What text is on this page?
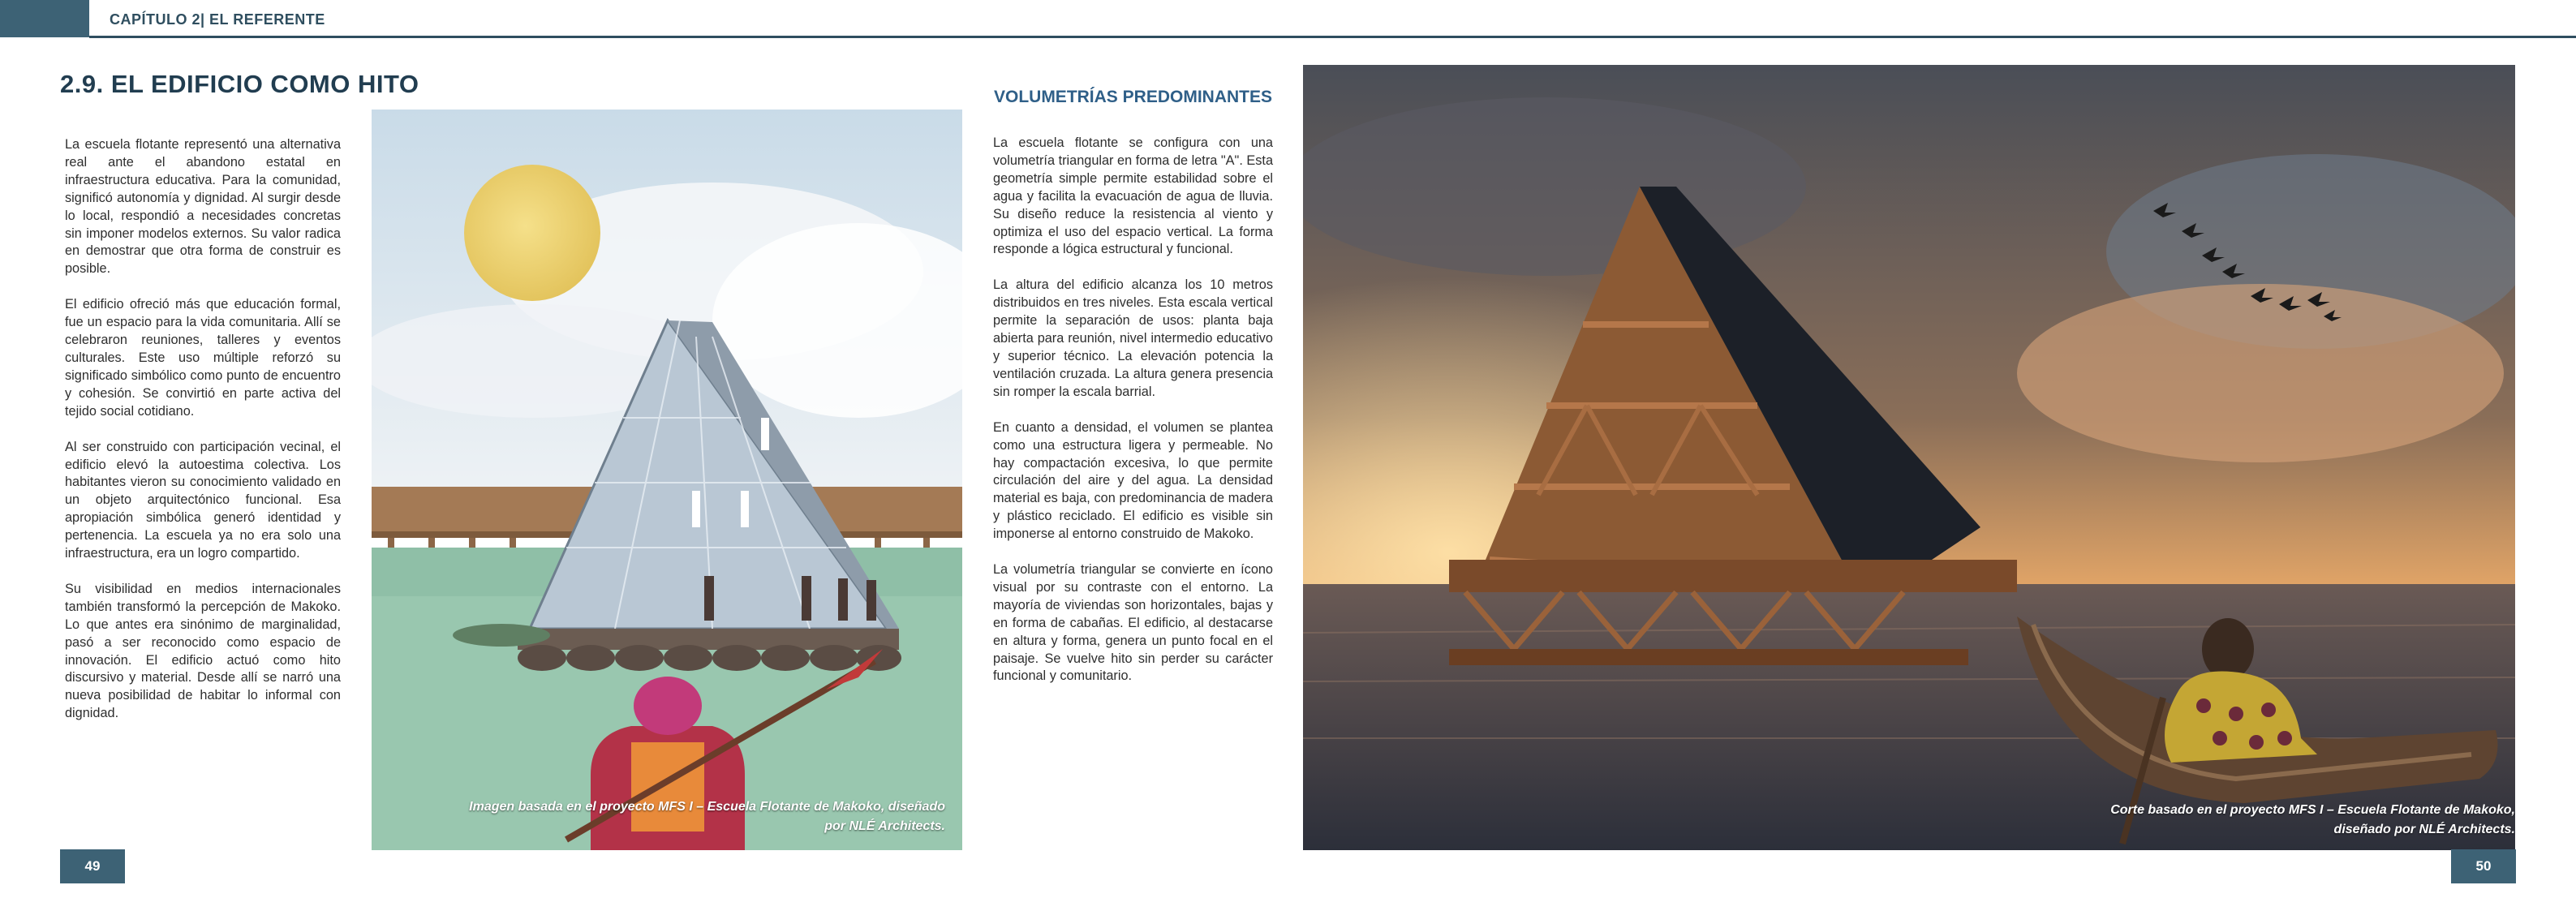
CAPÍTULO 2| EL REFERENTE
2.9. EL EDIFICIO COMO HITO

La escuela flotante representó una alternativa real ante el abandono estatal en infraestructura educativa. Para la comunidad, significó autonomía y dignidad. Al surgir desde lo local, respondió a necesidades concretas sin imponer modelos externos. Su valor radica en demostrar que otra forma de construir es posible.

El edificio ofreció más que educación formal, fue un espacio para la vida comunitaria. Allí se celebraron reuniones, talleres y eventos culturales. Este uso múltiple reforzó su significado simbólico como punto de encuentro y cohesión. Se convirtió en parte activa del tejido social cotidiano.

Al ser construido con participación vecinal, el edificio elevó la autoestima colectiva. Los habitantes vieron su conocimiento validado en un objeto arquitectónico funcional. Esa apropiación simbólica generó identidad y pertenencia. La escuela ya no era solo una infraestructura, era un logro compartido.

Su visibilidad en medios internacionales también transformó la percepción de Makoko. Lo que antes era sinónimo de marginalidad, pasó a ser reconocido como espacio de innovación. El edificio actuó como hito discursivo y material. Desde allí se narró una nueva posibilidad de habitar lo informal con dignidad.

Imagen basada en el proyecto MFS I – Escuela Flotante de Makoko, diseñado por NLÉ Architects.
VOLUMETRÍAS PREDOMINANTES

La escuela flotante se configura con una volumetría triangular en forma de letra "A". Esta geometría simple permite estabilidad sobre el agua y facilita la evacuación de agua de lluvia. Su diseño reduce la resistencia al viento y optimiza el uso del espacio vertical. La forma responde a lógica estructural y funcional.

La altura del edificio alcanza los 10 metros distribuidos en tres niveles. Esta escala vertical permite la separación de usos: planta baja abierta para reunión, nivel intermedio educativo y superior técnico. La elevación potencia la ventilación cruzada. La altura genera presencia sin romper la escala barrial.

En cuanto a densidad, el volumen se plantea como una estructura ligera y permeable. No hay compactación excesiva, lo que permite circulación del aire y del agua. La densidad material es baja, con predominancia de madera y plástico reciclado. El edificio es visible sin imponerse al entorno construido de Makoko.

La volumetría triangular se convierte en ícono visual por su contraste con el entorno. La mayoría de viviendas son horizontales, bajas y en forma de cabañas. El edificio, al destacarse en altura y forma, genera un punto focal en el paisaje. Se vuelve hito sin perder su carácter funcional y comunitario.

Corte basado en el proyecto MFS I – Escuela Flotante de Makoko, diseñado por NLÉ Architects.
49	50
